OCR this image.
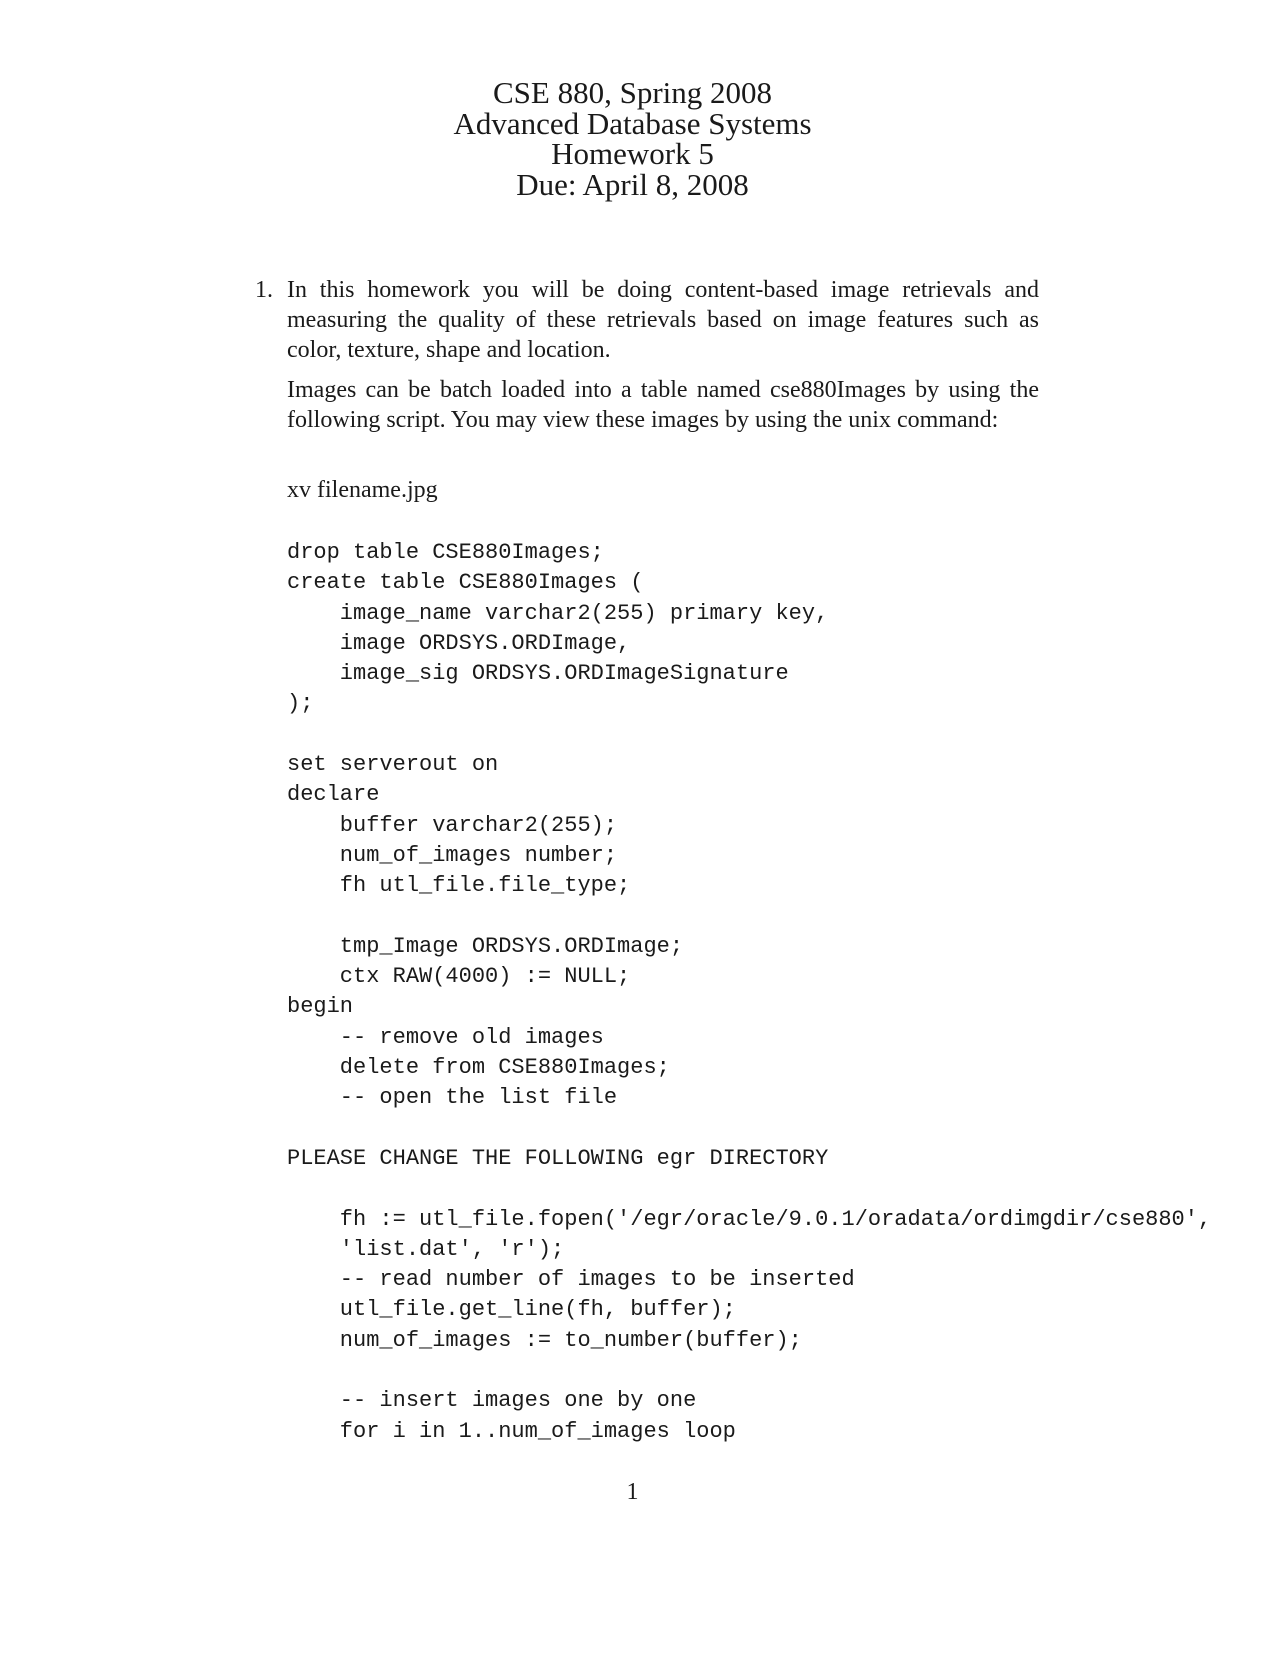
CSE 880, Spring 2008
Advanced Database Systems
Homework 5
Due: April 8, 2008
1. In this homework you will be doing content-based image retrievals and measuring the quality of these retrievals based on image features such as color, texture, shape and location.
Images can be batch loaded into a table named cse880Images by using the following script. You may view these images by using the unix command:
xv filename.jpg
drop table CSE880Images;
create table CSE880Images (
image_name varchar2(255) primary key,
image ORDSYS.ORDImage,
image_sig ORDSYS.ORDImageSignature
);
set serverout on
declare
buffer varchar2(255);
num_of_images number;
fh utl_file.file_type;
tmp_Image ORDSYS.ORDImage;
ctx RAW(4000) := NULL;
begin
-- remove old images
delete from CSE880Images;
-- open the list file
PLEASE CHANGE THE FOLLOWING egr DIRECTORY
fh := utl_file.fopen('/egr/oracle/9.0.1/oradata/ordimgdir/cse880',
'list.dat', 'r');
-- read number of images to be inserted
utl_file.get_line(fh, buffer);
num_of_images := to_number(buffer);
-- insert images one by one
for i in 1..num_of_images loop
1
